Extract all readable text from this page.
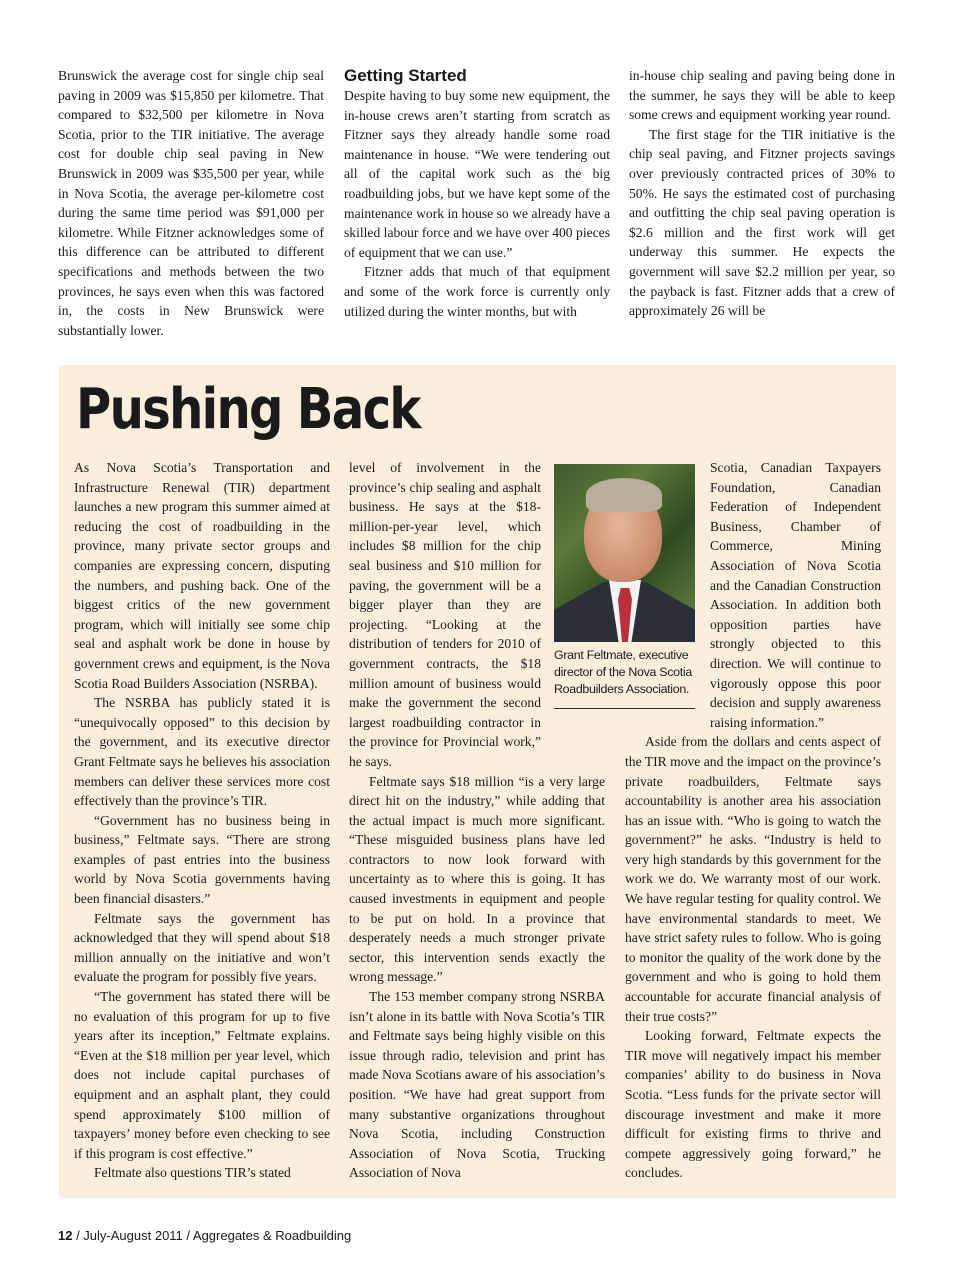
Brunswick the average cost for single chip seal paving in 2009 was $15,850 per kilometre. That compared to $32,500 per kilometre in Nova Scotia, prior to the TIR initiative. The average cost for double chip seal paving in New Brunswick in 2009 was $35,500 per year, while in Nova Scotia, the average per-kilometre cost during the same time period was $91,000 per kilometre. While Fitzner acknowledges some of this difference can be attributed to different specifications and methods between the two provinces, he says even when this was factored in, the costs in New Brunswick were substantially lower.

Getting Started

Despite having to buy some new equipment, the in-house crews aren’t starting from scratch as Fitzner says they already handle some road maintenance in house. “We were tendering out all of the capital work such as the big roadbuilding jobs, but we have kept some of the maintenance work in house so we already have a skilled labour force and we have over 400 pieces of equipment that we can use.”

Fitzner adds that much of that equipment and some of the work force is currently only utilized during the winter months, but with

in-house chip sealing and paving being done in the summer, he says they will be able to keep some crews and equipment working year round.

The first stage for the TIR initiative is the chip seal paving, and Fitzner projects savings over previously contracted prices of 30% to 50%. He says the estimated cost of purchasing and outfitting the chip seal paving operation is $2.6 million and the first work will get underway this summer. He expects the government will save $2.2 million per year, so the payback is fast. Fitzner adds that a crew of approximately 26 will be

Pushing Back

As Nova Scotia’s Transportation and Infrastructure Renewal (TIR) department launches a new program this summer aimed at reducing the cost of roadbuilding in the province, many private sector groups and companies are expressing concern, disputing the numbers, and pushing back. One of the biggest critics of the new government program, which will initially see some chip seal and asphalt work be done in house by government crews and equipment, is the Nova Scotia Road Builders Association (NSRBA).

The NSRBA has publicly stated it is “unequivocally opposed” to this decision by the government, and its executive director Grant Feltmate says he believes his association members can deliver these services more cost effectively than the province’s TIR.

“Government has no business being in business,” Feltmate says. “There are strong examples of past entries into the business world by Nova Scotia governments having been financial disasters.”

Feltmate says the government has acknowledged that they will spend about $18 million annually on the initiative and won’t evaluate the program for possibly five years.

“The government has stated there will be no evaluation of this program for up to five years after its inception,” Feltmate explains. “Even at the $18 million per year level, which does not include capital purchases of equipment and an asphalt plant, they could spend approximately $100 million of taxpayers’ money before even checking to see if this program is cost effective.”

Feltmate also questions TIR’s stated

level of involvement in the province’s chip sealing and asphalt business. He says at the $18-million-per-year level, which includes $8 million for the chip seal business and $10 million for paving, the government will be a bigger player than they are projecting. “Looking at the distribution of tenders for 2010 of government contracts, the $18 million amount of business would make the government the second largest roadbuilding contractor in the province for Provincial work,” he says.

Feltmate says $18 million “is a very large direct hit on the industry,” while adding that the actual impact is much more significant. “These misguided business plans have led contractors to now look forward with uncertainty as to where this is going. It has caused investments in equipment and people to be put on hold. In a province that desperately needs a much stronger private sector, this intervention sends exactly the wrong message.”

The 153 member company strong NSRBA isn’t alone in its battle with Nova Scotia’s TIR and Feltmate says being highly visible on this issue through radio, television and print has made Nova Scotians aware of his association’s position. “We have had great support from many substantive organizations throughout Nova Scotia, including Construction Association of Nova Scotia, Trucking Association of Nova

Grant Feltmate, executive director of the Nova Scotia Roadbuilders Association.

Scotia, Canadian Taxpayers Foundation, Canadian Federation of Independent Business, Chamber of Commerce, Mining Association of Nova Scotia and the Canadian Construction Association. In addition both opposition parties have strongly objected to this direction. We will continue to vigorously oppose this poor decision and supply awareness raising information.”

Aside from the dollars and cents aspect of the TIR move and the impact on the province’s private roadbuilders, Feltmate says accountability is another area his association has an issue with. “Who is going to watch the government?” he asks. “Industry is held to very high standards by this government for the work we do. We warranty most of our work. We have regular testing for quality control. We have environmental standards to meet. We have strict safety rules to follow. Who is going to monitor the quality of the work done by the government and who is going to hold them accountable for accurate financial analysis of their true costs?”

Looking forward, Feltmate expects the TIR move will negatively impact his member companies’ ability to do business in Nova Scotia. “Less funds for the private sector will discourage investment and make it more difficult for existing firms to thrive and compete aggressively going forward,” he concludes.

12 / July-August 2011 / Aggregates & Roadbuilding
